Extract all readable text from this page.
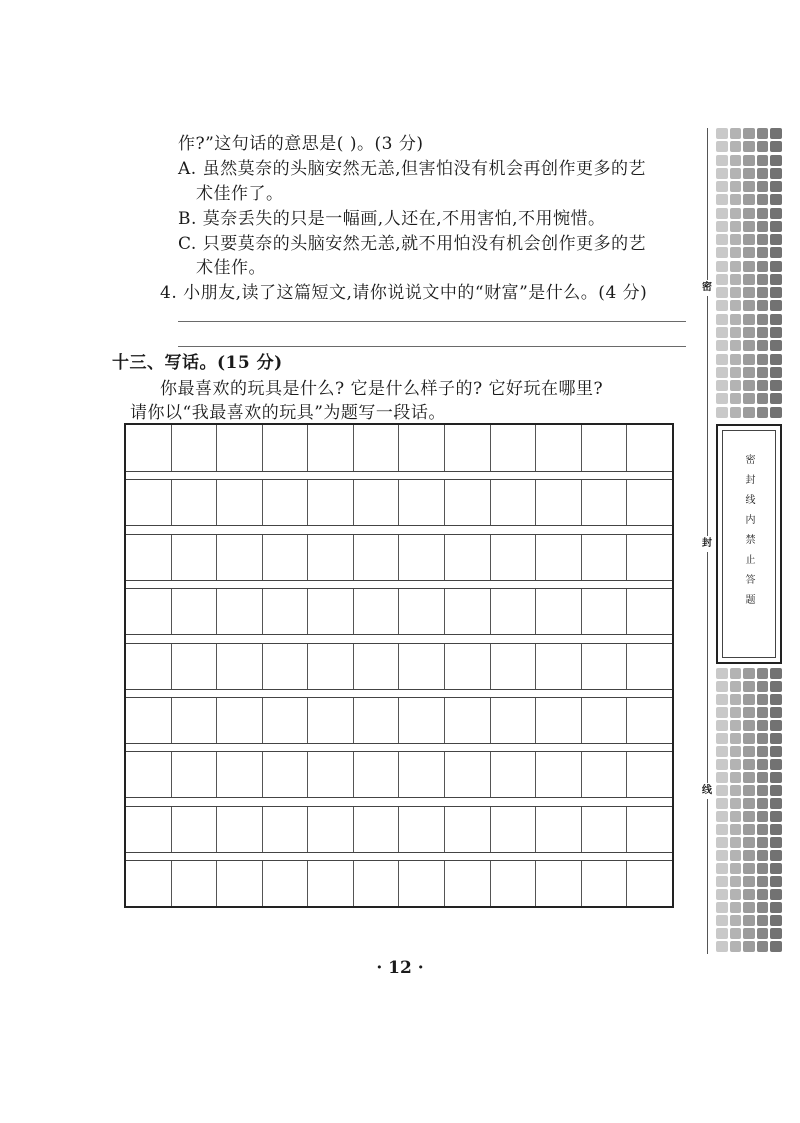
作?”这句话的意思是( )。(3 分)
A. 虽然莫奈的头脑安然无恙,但害怕没有机会再创作更多的艺
术佳作了。
B. 莫奈丢失的只是一幅画,人还在,不用害怕,不用惋惜。
C. 只要莫奈的头脑安然无恙,就不用怕没有机会创作更多的艺
术佳作。
4. 小朋友,读了这篇短文,请你说说文中的“财富”是什么。(4 分)
十三、写话。(15 分)
你最喜欢的玩具是什么? 它是什么样子的? 它好玩在哪里?
请你以“我最喜欢的玩具”为题写一段话。
密
封
线
密封线内禁止答题
· 12 ·
